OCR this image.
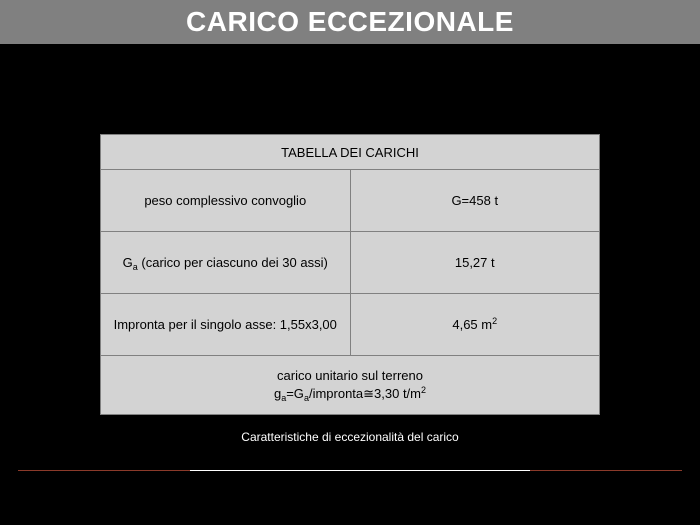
CARICO ECCEZIONALE
TABELLA DEI CARICHI	
peso complessivo convoglio	G=458 t
$G_a$ (carico per ciascuno dei 30 assi)	15,27 t
Impronta per il singolo asse: 1,55x3,00	4,65 $m^2$

carico unitario sul terreno
$g_a=G_a/impronta≅3,30$ $t/m^2$
Caratteristiche di eccezionalità del carico
